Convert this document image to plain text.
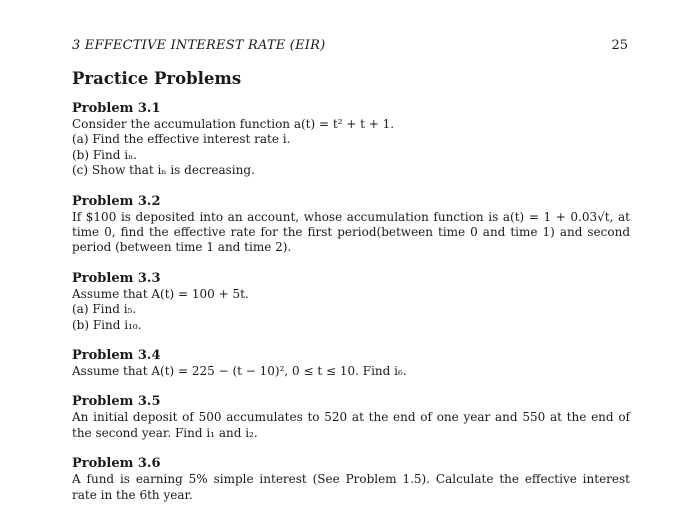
3 EFFECTIVE INTEREST RATE (EIR)	25
Practice Problems

Problem 3.1

Consider the accumulation function a(t) = t² + t + 1.

(a) Find the effective interest rate i.

(b) Find iₙ.

(c) Show that iₙ is decreasing.

Problem 3.2

If $100 is deposited into an account, whose accumulation function is a(t) = 1 + 0.03√t, at time 0, find the effective rate for the first period(between time 0 and time 1) and second period (between time 1 and time 2).

Problem 3.3

Assume that A(t) = 100 + 5t.

(a) Find i₅.

(b) Find i₁₀.

Problem 3.4

Assume that A(t) = 225 − (t − 10)², 0 ≤ t ≤ 10. Find i₆.

Problem 3.5

An initial deposit of 500 accumulates to 520 at the end of one year and 550 at the end of the second year. Find i₁ and i₂.

Problem 3.6

A fund is earning 5% simple interest (See Problem 1.5). Calculate the effective interest rate in the 6th year.
